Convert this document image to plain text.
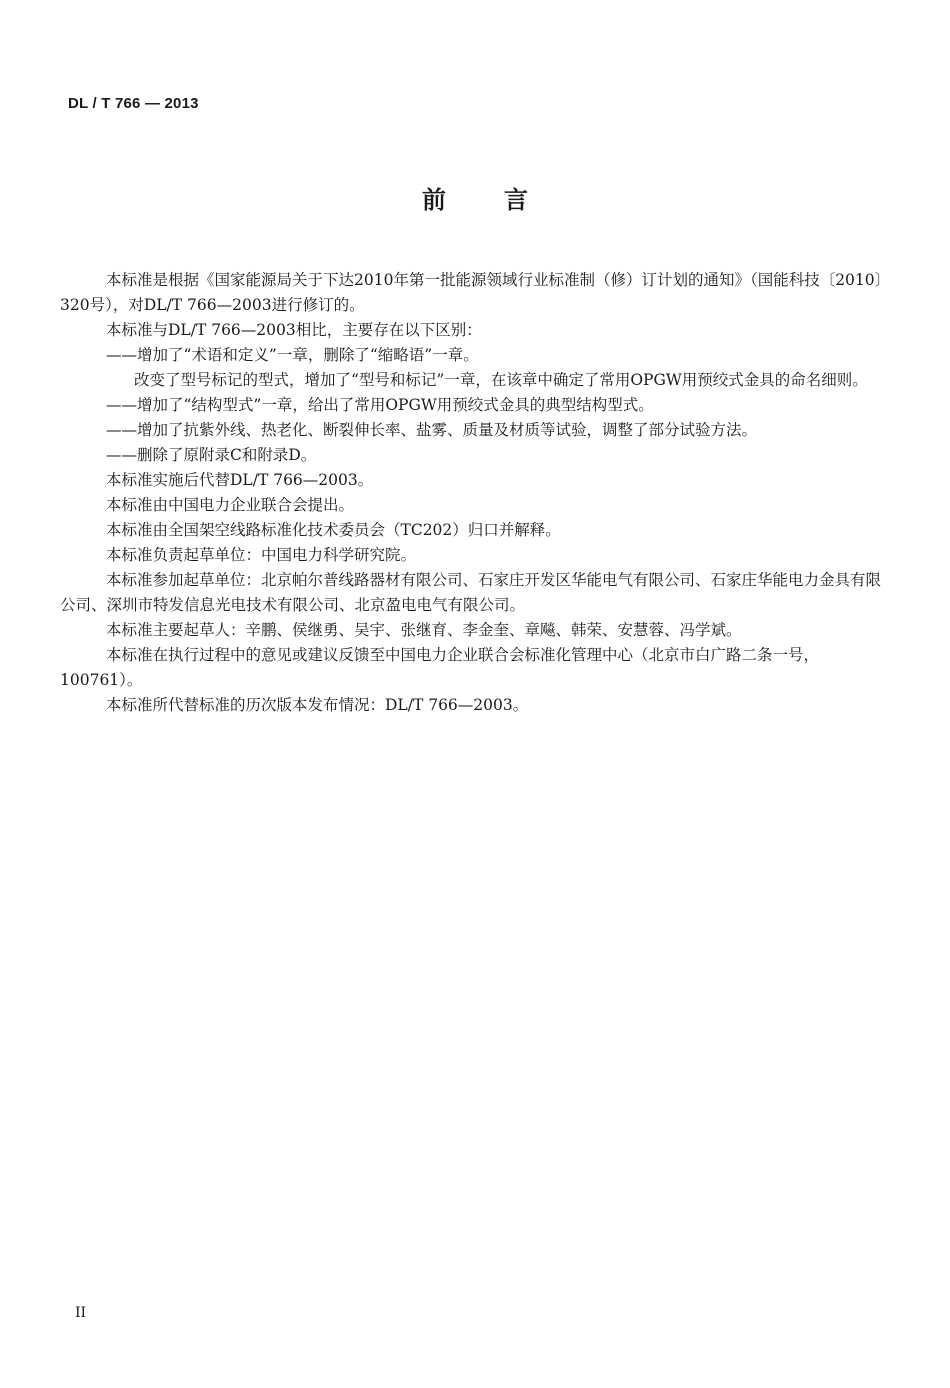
DL / T 766 — 2013
前言

本标准是根据《国家能源局关于下达2010年第一批能源领域行业标准制（修）订计划的通知》（国能科技〔2010〕320号），对DL/T 766—2003进行修订的。

本标准与DL/T 766—2003相比，主要存在以下区别：

——增加了“术语和定义”一章，删除了“缩略语”一章。

改变了型号标记的型式，增加了“型号和标记”一章，在该章中确定了常用OPGW用预绞式金具的命名细则。

——增加了“结构型式”一章，给出了常用OPGW用预绞式金具的典型结构型式。

——增加了抗紫外线、热老化、断裂伸长率、盐雾、质量及材质等试验，调整了部分试验方法。

——删除了原附录C和附录D。

本标准实施后代替DL/T 766—2003。

本标准由中国电力企业联合会提出。

本标准由全国架空线路标准化技术委员会（TC202）归口并解释。

本标准负责起草单位：中国电力科学研究院。

本标准参加起草单位：北京帕尔普线路器材有限公司、石家庄开发区华能电气有限公司、石家庄华能电力金具有限公司、深圳市特发信息光电技术有限公司、北京盈电电气有限公司。

本标准主要起草人：辛鹏、侯继勇、吴宇、张继育、李金奎、章飚、韩荣、安慧蓉、冯学斌。

本标准在执行过程中的意见或建议反馈至中国电力企业联合会标准化管理中心（北京市白广路二条一号，100761）。

本标准所代替标准的历次版本发布情况：DL/T 766—2003。

II
